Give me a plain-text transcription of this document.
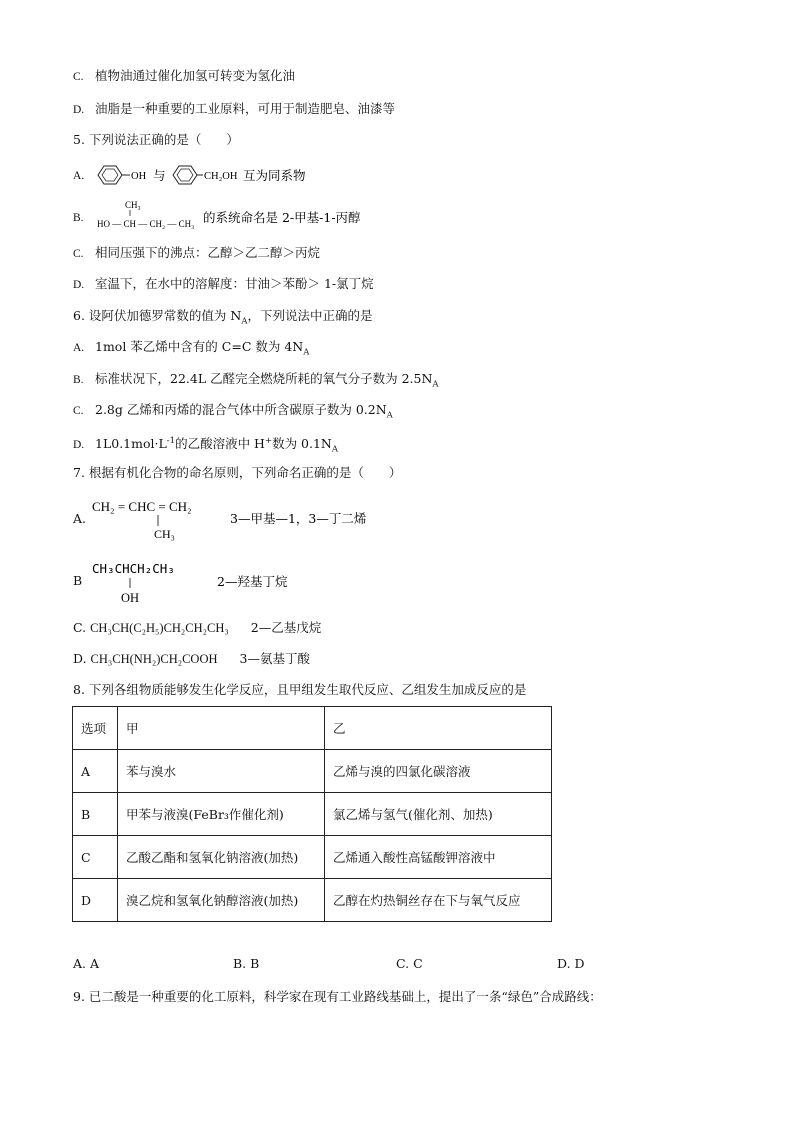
C. 植物油通过催化加氢可转变为氢化油
D. 油脂是一种重要的工业原料，可用于制造肥皂、油漆等
5. 下列说法正确的是（　　）
A.	OH 与	CH₂OH 互为同系物
B.
CH₃
HO — CH — CH₂ — CH₃ 的系统命名是 2-甲基-1-丙醇
C. 相同压强下的沸点：乙醇＞乙二醇＞丙烷
D. 室温下，在水中的溶解度：甘油＞苯酚＞ 1-氯丁烷
6. 设阿伏加德罗常数的值为 $N_A$，下列说法中正确的是
A. 1mol 苯乙烯中含有的 C=C 数为 $4N_A$
B. 标准状况下，22.4L 乙醛完全燃烧所耗的氧气分子数为 $2.5N_A$
C. 2.8g 乙烯和丙烯的混合气体中所含碳原子数为 $0.2N_A$
D. $1L0.1mol\cdot L^{-1}$的乙酸溶液中 H+数为 $0.1N_A$
7. 根据有机化合物的命名原则，下列命名正确的是（　　）
A.
CH₂ = CHC = CH₂
CH₃
3—甲基—1，3—丁二烯
B
CH₃CHCH₂CH₃
OH
2—羟基丁烷
C. CH₃CH(C₂H₅)CH₂CH₂CH₃ 2—乙基戊烷
D. CH₃CH(NH₂)CH₂COOH 3—氨基丁酸
8. 下列各组物质能够发生化学反应，且甲组发生取代反应、乙组发生加成反应的是
选项	甲	乙
A	苯与溴水	乙烯与溴的四氯化碳溶液
B	甲苯与液溴(FeBr₃作催化剂)	氯乙烯与氢气(催化剂、加热)
C	乙酸乙酯和氢氧化钠溶液(加热)	乙烯通入酸性高锰酸钾溶液中
D	溴乙烷和氢氧化钠醇溶液(加热)	乙醇在灼热铜丝存在下与氧气反应
A. A	B. B	C. C	D. D
9. 已二酸是一种重要的化工原料，科学家在现有工业路线基础上，提出了一条“绿色”合成路线：
